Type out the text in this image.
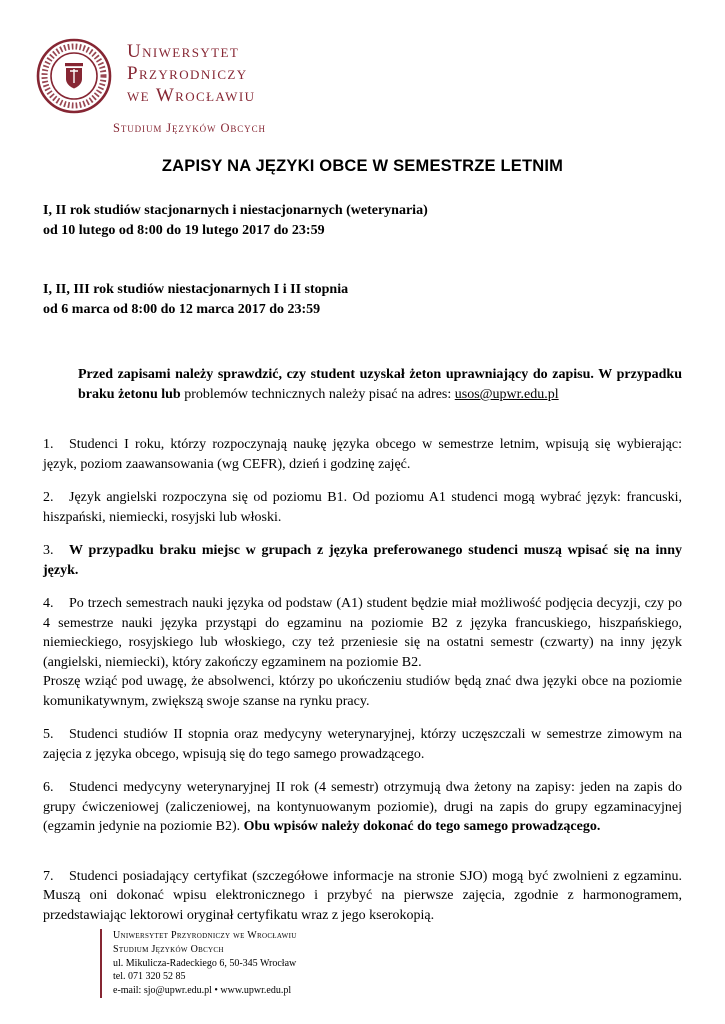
Uniwersytet
Przyrodniczy
we Wrocławiu
Studium Języków Obcych
ZAPISY NA JĘZYKI OBCE W SEMESTRZE LETNIM
I, II rok studiów stacjonarnych i niestacjonarnych (weterynaria)
od 10 lutego od 8:00 do 19 lutego 2017 do 23:59
I, II, III rok studiów niestacjonarnych I i II stopnia
od 6 marca od 8:00 do 12 marca 2017 do 23:59

Przed zapisami należy sprawdzić, czy student uzyskał żeton uprawniający do zapisu. W przypadku braku żetonu lub problemów technicznych należy pisać na adres: usos@upwr.edu.pl

1. Studenci I roku, którzy rozpoczynają naukę języka obcego w semestrze letnim, wpisują się wybierając: język, poziom zaawansowania (wg CEFR), dzień i godzinę zajęć.

2. Język angielski rozpoczyna się od poziomu B1. Od poziomu A1 studenci mogą wybrać język: francuski, hiszpański, niemiecki, rosyjski lub włoski.

3. W przypadku braku miejsc w grupach z języka preferowanego studenci muszą wpisać się na inny język.

4. Po trzech semestrach nauki języka od podstaw (A1) student będzie miał możliwość podjęcia decyzji, czy po 4 semestrze nauki języka przystąpi do egzaminu na poziomie B2 z języka francuskiego, hiszpańskiego, niemieckiego, rosyjskiego lub włoskiego, czy też przeniesie się na ostatni semestr (czwarty) na inny język (angielski, niemiecki), który zakończy egzaminem na poziomie B2.
Proszę wziąć pod uwagę, że absolwenci, którzy po ukończeniu studiów będą znać dwa języki obce na poziomie komunikatywnym, zwiększą swoje szanse na rynku pracy.

5. Studenci studiów II stopnia oraz medycyny weterynaryjnej, którzy uczęszczali w semestrze zimowym na zajęcia z języka obcego, wpisują się do tego samego prowadzącego.

6. Studenci medycyny weterynaryjnej II rok (4 semestr) otrzymują dwa żetony na zapisy: jeden na zapis do grupy ćwiczeniowej (zaliczeniowej, na kontynuowanym poziomie), drugi na zapis do grupy egzaminacyjnej (egzamin jedynie na poziomie B2). Obu wpisów należy dokonać do tego samego prowadzącego.

7. Studenci posiadający certyfikat (szczegółowe informacje na stronie SJO) mogą być zwolnieni z egzaminu. Muszą oni dokonać wpisu elektronicznego i przybyć na pierwsze zajęcia, zgodnie z harmonogramem, przedstawiając lektorowi oryginał certyfikatu wraz z jego kserokopią.

Uniwersytet Przyrodniczy we Wrocławiu
Studium Języków Obcych
ul. Mikulicza-Radeckiego 6, 50-345 Wrocław
tel. 071 320 52 85
e-mail: sjo@upwr.edu.pl • www.upwr.edu.pl
